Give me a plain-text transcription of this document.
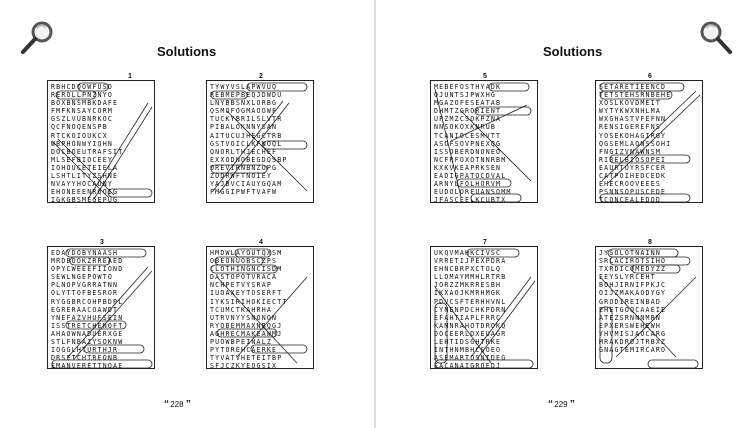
Solutions
1
RBHCDOOWFUSD
REROLLPNZNYO
BOXBNSMBKDAFE
FMFKNSAYCORM
GSZLVUBNRKOC
QCFNOQENSPB
RTCKOIOUKCX
WBPHONWYIQHN
DOCBOEUTRAFSIT
MLSEFBIOCEEY
IOHOUCETEIELA
LSHTLITYZSHNE
NVAYYHOCAONY
EHONEEENRQOIG
IGKGBSMEGEPUG
2
TYWYVSLAPWVUQ
REBMEPBEQJDWDU
LNYBBSNXLORBG
QSMOFOGMAOOWF
TUCKYBRILSLVTR
PIBALOKNNYSAN
AITUCUJHEGCTRB
GSTVOICLKFNOQL
QNORLTHJECHEF
EXXODNOBEGDQSBP
OREVIRNBNZOPG
ZODRWFTNOIEY
YAJBVCIAUYGQAM
FMGGIPWFTVAFW
3
EDAYDOBYNAASH
MRDBOOKZRREAED
OPYCWEEEFIIOND
SEWLNGEPOWTO
PLNOPVGRRATNN
OLYTTOFBESROR
RYGGBRCOHPBDPL
EGRERAACOAWDT
YNEFAZVHUFSEIN
ISSTRETCHENOFT
AHAOWNADUERXGE
STLFNBAIYSOKNW
IOGGLHTURTHJR
DRSETCHTREONB
EMANVERETTNOAE
4
HMDWLAYOUTQXSM
OBEONUOBSCZPS
CLOTHINGNCISDM
DASTOPOTVRACA
NCHPETVYSRAP
IUOAXEYTOSERFT
IYKSIRIHOKIECTT
TCUMCTKAHRHA
UTRVNYYSNONON
RYOBEMMAXNBQGJ
AGHRECMAKEAWMJ
PUOWBPEINALZ
PYTOREHCAERKE
TYVATVHETEITBP
SFJCZKYEOGSIX
“ 228 ”
Solutions
5
MEBEFOSTHYADK
OJUNTSJPWXHG
MGAZOFESEATAB
DHMTZGRORIENT
UPZMZCSOKPZNA
NNSOKOXKNRUB
TCANIOCESMVTT
ASOFSOVPNEXQG
ISSOBERDNONEO
NCFRFOXOTNNRBM
KXKVKEAPRKSEN
EADIGPATOCDVAL
ARNYLFOLHORVM
EUDOLOREUANSOMM
JFASCEELKCUBTX
6
SETARETIEENCD
TETSTEHSRNBEHE
XOSLKOVDMEIT
WYTYKWXNHLMA
WXGHASTVFEFNN
RENSIGEREFNS
YOSEKOHAGIRGY
QGSEMLAONSSOHI
FNGIZVNAWNSM
RIRELBIOSOPEI
EAURTOYRSFCER
CATPOIHEDCEDK
EHECROOVEEES
PSNNSOPUSCEDE
TCONCEALEDOD
7
UKQVMAHKCIVSC
VRRETIJPEXPDRA
EHNCBRPXCTOLQ
LLOMAYMMHLRTRB
JORZZMKRRESBH
IKXAOJKMRHMGK
PDVCSFTERHHVNL
CYNENPDCHKPDRN
EFAHTIAPLFRRC
KAMNRAHOTDROKQ
DOCEERLDXEUAGR
LEHTIDSGHTRKE
INTHNMBHCSOEO
ASEMARTOSNIDEG
EACANAIGROEDJ
8
JYSOLOTNAINN
SRLACIROTSIHO
TXRDICOMEDYZZ
EEYSLYRCEHT
BOHJIRNIFPKJC
OIJZMAKAODYGY
GRODIREINBAD
EHETGOQCAAEIE
ATEZSRNNNMRN
EPXERSWEHEWH
YHVMISJAOCARG
MRAKDROJTRBXZ
GNAGTEMIRCARO
“ 229 ”
